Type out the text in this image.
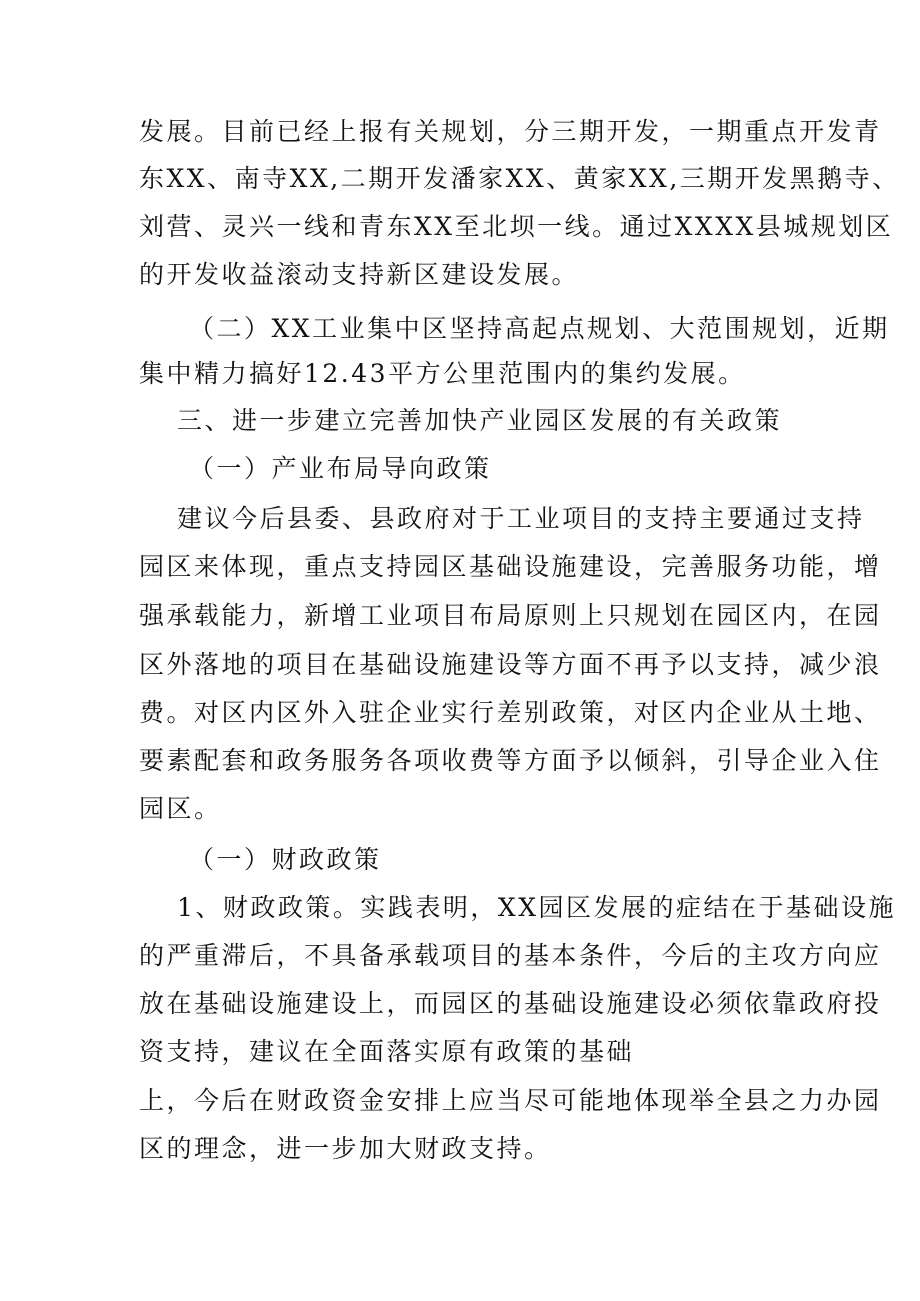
发展。目前已经上报有关规划，分三期开发，一期重点开发青
东XX、南寺XX,二期开发潘家XX、黄家XX,三期开发黑鹅寺、
刘营、灵兴一线和青东XX至北坝一线。通过XXXX县城规划区
的开发收益滚动支持新区建设发展。
（二）XX工业集中区坚持高起点规划、大范围规划，近期
集中精力搞好12.43平方公里范围内的集约发展。
三、进一步建立完善加快产业园区发展的有关政策
（一）产业布局导向政策
建议今后县委、县政府对于工业项目的支持主要通过支持
园区来体现，重点支持园区基础设施建设，完善服务功能，增
强承载能力，新增工业项目布局原则上只规划在园区内，在园
区外落地的项目在基础设施建设等方面不再予以支持，减少浪
费。对区内区外入驻企业实行差别政策，对区内企业从土地、
要素配套和政务服务各项收费等方面予以倾斜，引导企业入住
园区。
（一）财政政策
1、财政政策。实践表明，XX园区发展的症结在于基础设施
的严重滞后，不具备承载项目的基本条件，今后的主攻方向应
放在基础设施建设上，而园区的基础设施建设必须依靠政府投
资支持，建议在全面落实原有政策的基础
上，今后在财政资金安排上应当尽可能地体现举全县之力办园
区的理念，进一步加大财政支持。
